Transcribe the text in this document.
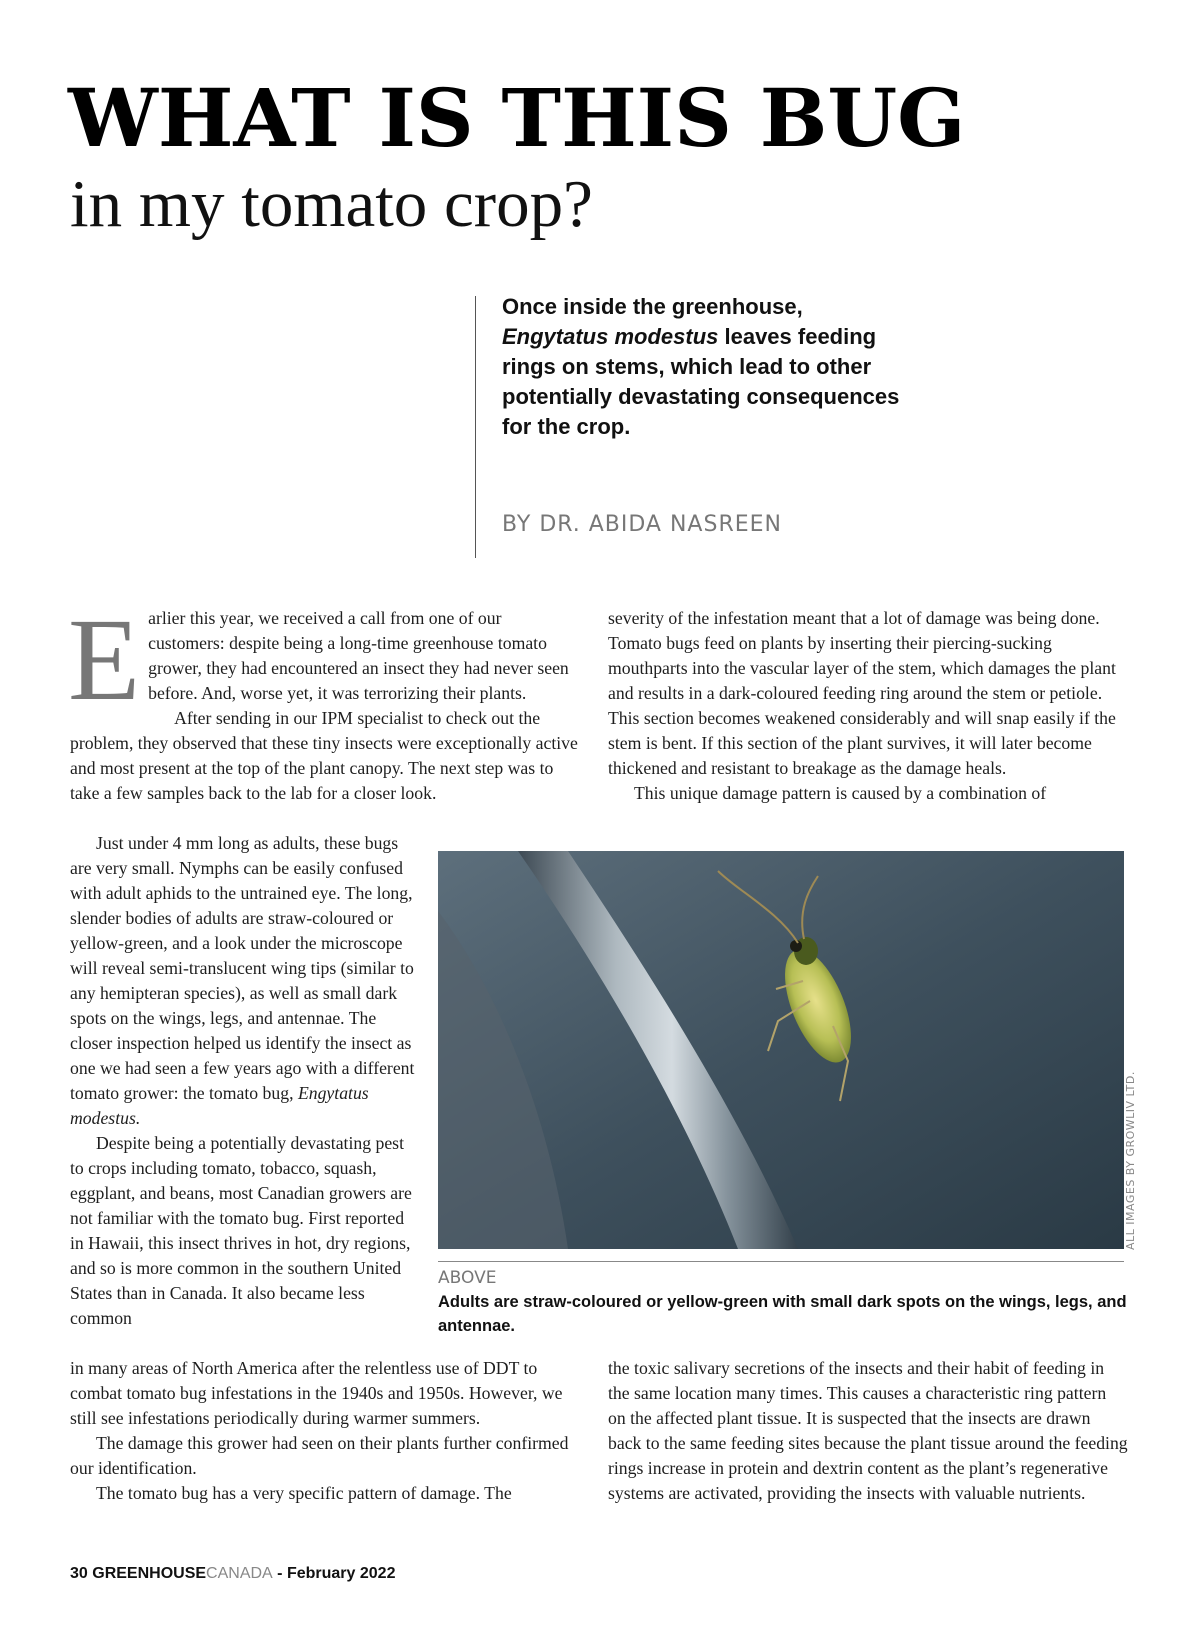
WHAT IS THIS BUG
in my tomato crop?
Once inside the greenhouse,
Engytatus modestus leaves feeding rings on stems, which lead to other potentially devastating consequences for the crop.
BY DR. ABIDA NASREEN

Earlier this year, we received a call from one of our customers: despite being a long-time greenhouse tomato grower, they had encountered an insect they had never seen before. And, worse yet, it was terrorizing their plants.

After sending in our IPM specialist to check out the problem, they observed that these tiny insects were exceptionally active and most present at the top of the plant canopy. The next step was to take a few samples back to the lab for a closer look.

Just under 4 mm long as adults, these bugs are very small. Nymphs can be easily confused with adult aphids to the untrained eye. The long, slender bodies of adults are straw-coloured or yellow-green, and a look under the microscope will reveal semi-translucent wing tips (similar to any hemipteran species), as well as small dark spots on the wings, legs, and antennae. The closer inspection helped us identify the insect as one we had seen a few years ago with a different tomato grower: the tomato bug, Engytatus modestus.

Despite being a potentially devastating pest to crops including tomato, tobacco, squash, eggplant, and beans, most Canadian growers are not familiar with the tomato bug. First reported in Hawaii, this insect thrives in hot, dry regions, and so is more common in the southern United States than in Canada. It also became less common

in many areas of North America after the relentless use of DDT to combat tomato bug infestations in the 1940s and 1950s. However, we still see infestations periodically during warmer summers.

The damage this grower had seen on their plants further confirmed our identification.

The tomato bug has a very specific pattern of damage. The

severity of the infestation meant that a lot of damage was being done. Tomato bugs feed on plants by inserting their piercing-sucking mouthparts into the vascular layer of the stem, which damages the plant and results in a dark-coloured feeding ring around the stem or petiole. This section becomes weakened considerably and will snap easily if the stem is bent. If this section of the plant survives, it will later become thickened and resistant to breakage as the damage heals.

This unique damage pattern is caused by a combination of

ALL IMAGES BY GROWLIV LTD.
ABOVE
Adults are straw-coloured or yellow-green with small dark spots on the wings, legs, and antennae.

the toxic salivary secretions of the insects and their habit of feeding in the same location many times. This causes a characteristic ring pattern on the affected plant tissue. It is suspected that the insects are drawn back to the same feeding sites because the plant tissue around the feeding rings increase in protein and dextrin content as the plant’s regenerative systems are activated, providing the insects with valuable nutrients.

30 GREENHOUSECANADA - February 2022
